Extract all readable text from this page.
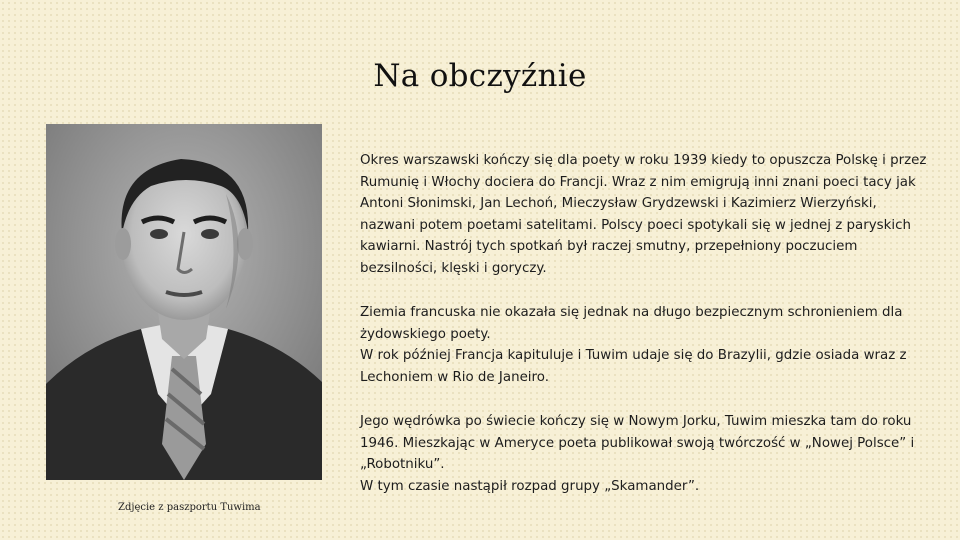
Na obczyźnie
Zdjęcie z paszportu Tuwima

Okres warszawski kończy się dla poety w roku 1939 kiedy to opuszcza Polskę i przez Rumunię i Włochy dociera do Francji. Wraz z nim emigrują inni znani poeci tacy jak Antoni Słonimski, Jan Lechoń, Mieczysław Grydzewski i Kazimierz Wierzyński, nazwani potem poetami satelitami. Polscy poeci spotykali się w jednej z paryskich kawiarni. Nastrój tych spotkań był raczej smutny, przepełniony poczuciem bezsilności, klęski i goryczy.

Ziemia francuska nie okazała się jednak na długo bezpiecznym schronieniem dla żydowskiego poety.
W rok później Francja kapituluje i Tuwim udaje się do Brazylii, gdzie osiada wraz z Lechoniem w Rio de Janeiro.

Jego wędrówka po świecie kończy się w Nowym Jorku, Tuwim mieszka tam do roku 1946. Mieszkając w Ameryce poeta publikował swoją twórczość w „Nowej Polsce” i „Robotniku”.
W tym czasie nastąpił rozpad grupy „Skamander”.
